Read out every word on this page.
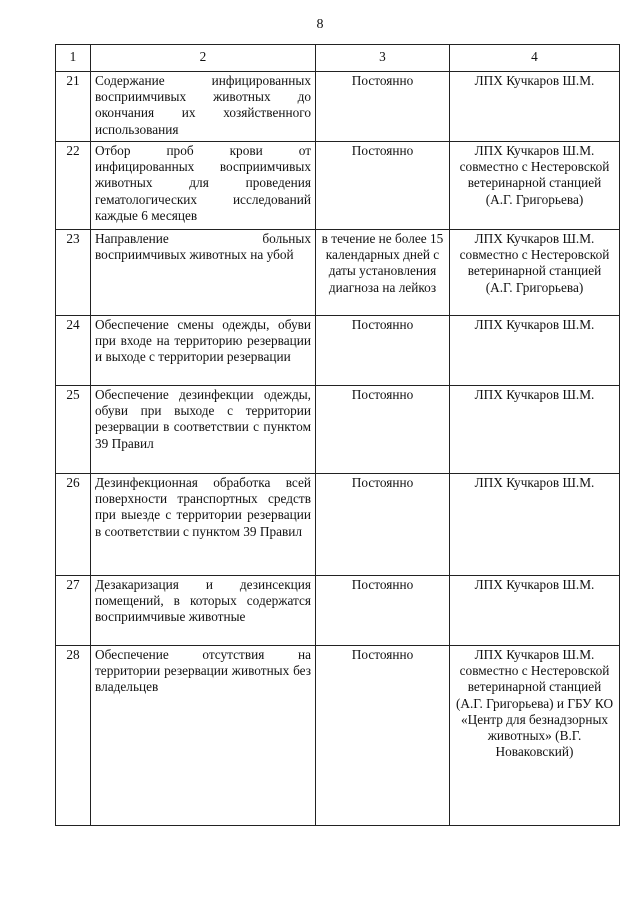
8
1	2	3	4
21	Содержание инфицированных восприимчивых животных до окончания их хозяйственного использования	Постоянно	ЛПХ Кучкаров Ш.М.
22	Отбор проб крови от инфицированных восприимчивых животных для проведения гематологических исследований каждые 6 месяцев	Постоянно	ЛПХ Кучкаров Ш.М. совместно с Нестеровской ветеринарной станцией (А.Г. Григорьева)
23	Направление больных восприимчивых животных на убой	в течение не более 15 календарных дней с даты установления диагноза на лейкоз	ЛПХ Кучкаров Ш.М. совместно с Нестеровской ветеринарной станцией (А.Г. Григорьева)
24	Обеспечение смены одежды, обуви при входе на территорию резервации и выходе с территории резервации	Постоянно	ЛПХ Кучкаров Ш.М.
25	Обеспечение дезинфекции одежды, обуви при выходе с территории резервации в соответствии с пунктом 39 Правил	Постоянно	ЛПХ Кучкаров Ш.М.
26	Дезинфекционная обработка всей поверхности транспортных средств при выезде с территории резервации в соответствии с пунктом 39 Правил	Постоянно	ЛПХ Кучкаров Ш.М.
27	Дезакаризация и дезинсекция помещений, в которых содержатся восприимчивые животные	Постоянно	ЛПХ Кучкаров Ш.М.
28	Обеспечение отсутствия на территории резервации животных без владельцев	Постоянно	ЛПХ Кучкаров Ш.М. совместно с Нестеровской ветеринарной станцией (А.Г. Григорьева) и ГБУ КО «Центр для безнадзорных животных» (В.Г. Новаковский)
